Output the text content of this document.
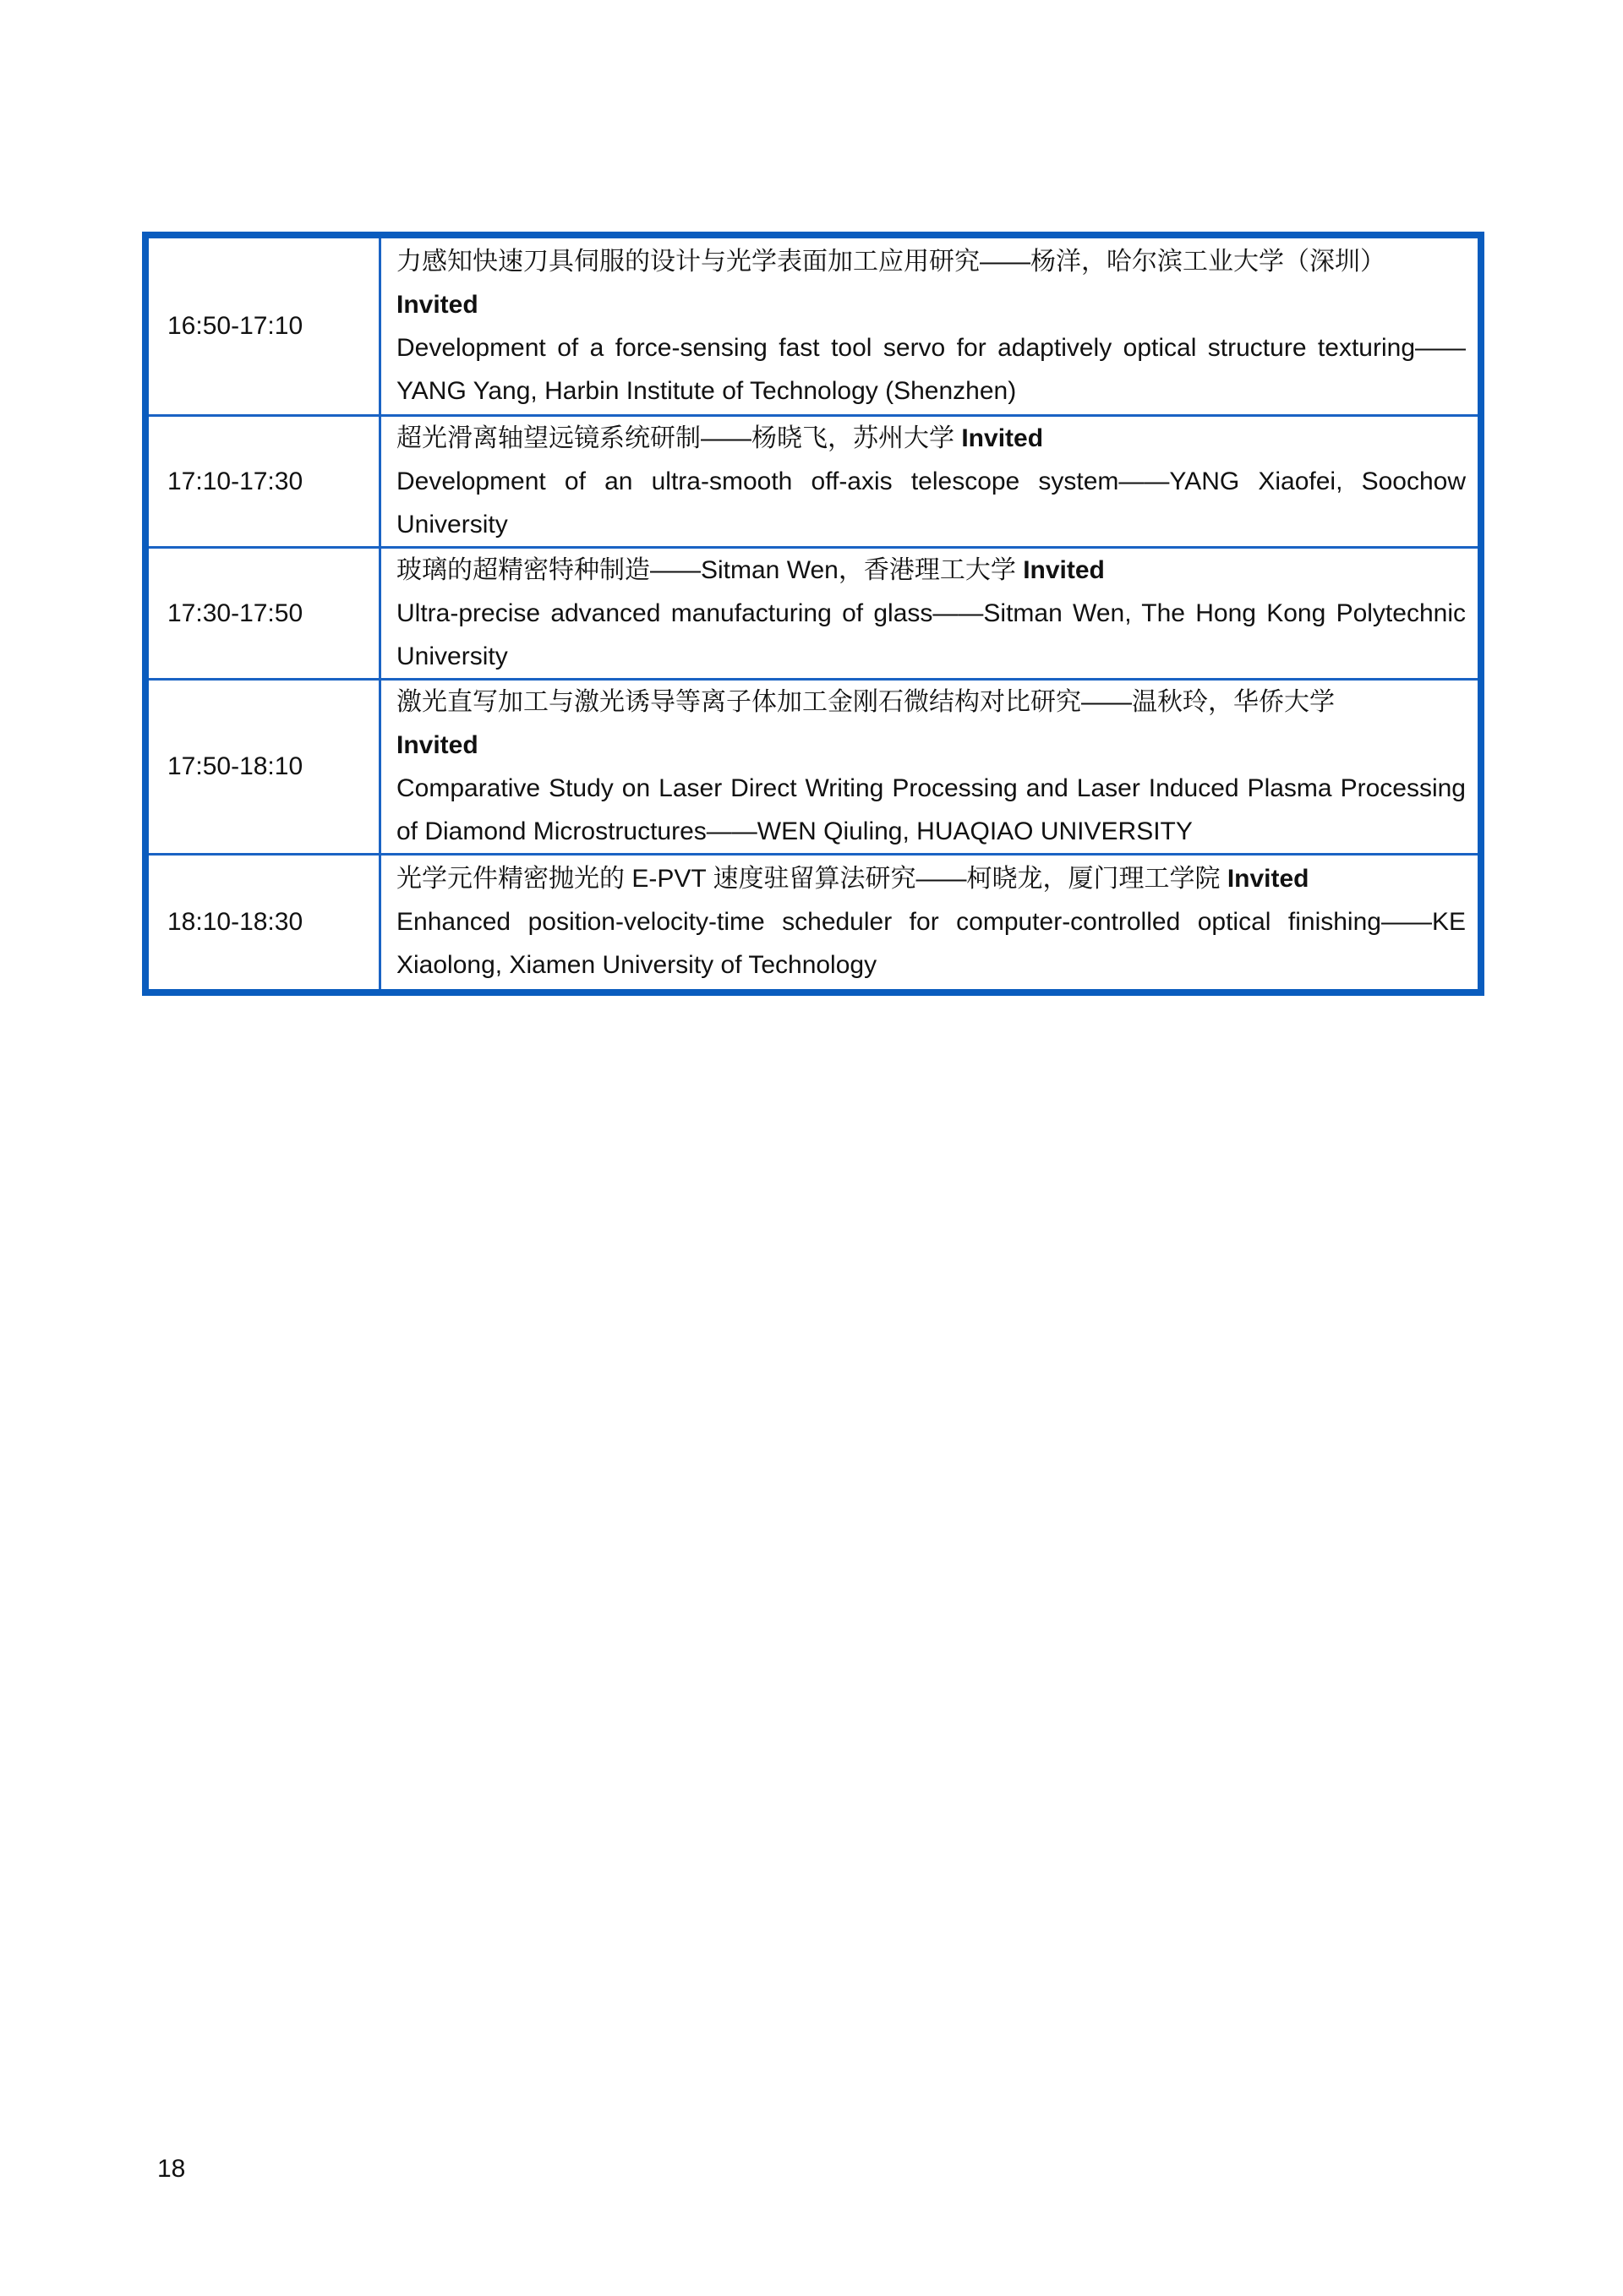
16:50-17:10	力感知快速刀具伺服的设计与光学表面加工应用研究——杨洋，哈尔滨工业大学（深圳）
Invited
Development of a force-sensing fast tool servo for adaptively optical structure texturing——YANG Yang, Harbin Institute of Technology (Shenzhen)

17:10-17:30	超光滑离轴望远镜系统研制——杨晓飞，苏州大学 Invited
Development of an ultra-smooth off-axis telescope system——YANG Xiaofei, Soochow University

17:30-17:50	玻璃的超精密特种制造——Sitman Wen，香港理工大学 Invited
Ultra-precise advanced manufacturing of glass——Sitman Wen, The Hong Kong Polytechnic University

17:50-18:10	激光直写加工与激光诱导等离子体加工金刚石微结构对比研究——温秋玲，华侨大学
Invited
Comparative Study on Laser Direct Writing Processing and Laser Induced Plasma Processing of Diamond Microstructures——WEN Qiuling, HUAQIAO UNIVERSITY

18:10-18:30	光学元件精密抛光的 E-PVT 速度驻留算法研究——柯晓龙，厦门理工学院 Invited
Enhanced position-velocity-time scheduler for computer-controlled optical finishing——KE Xiaolong, Xiamen University of Technology
18
